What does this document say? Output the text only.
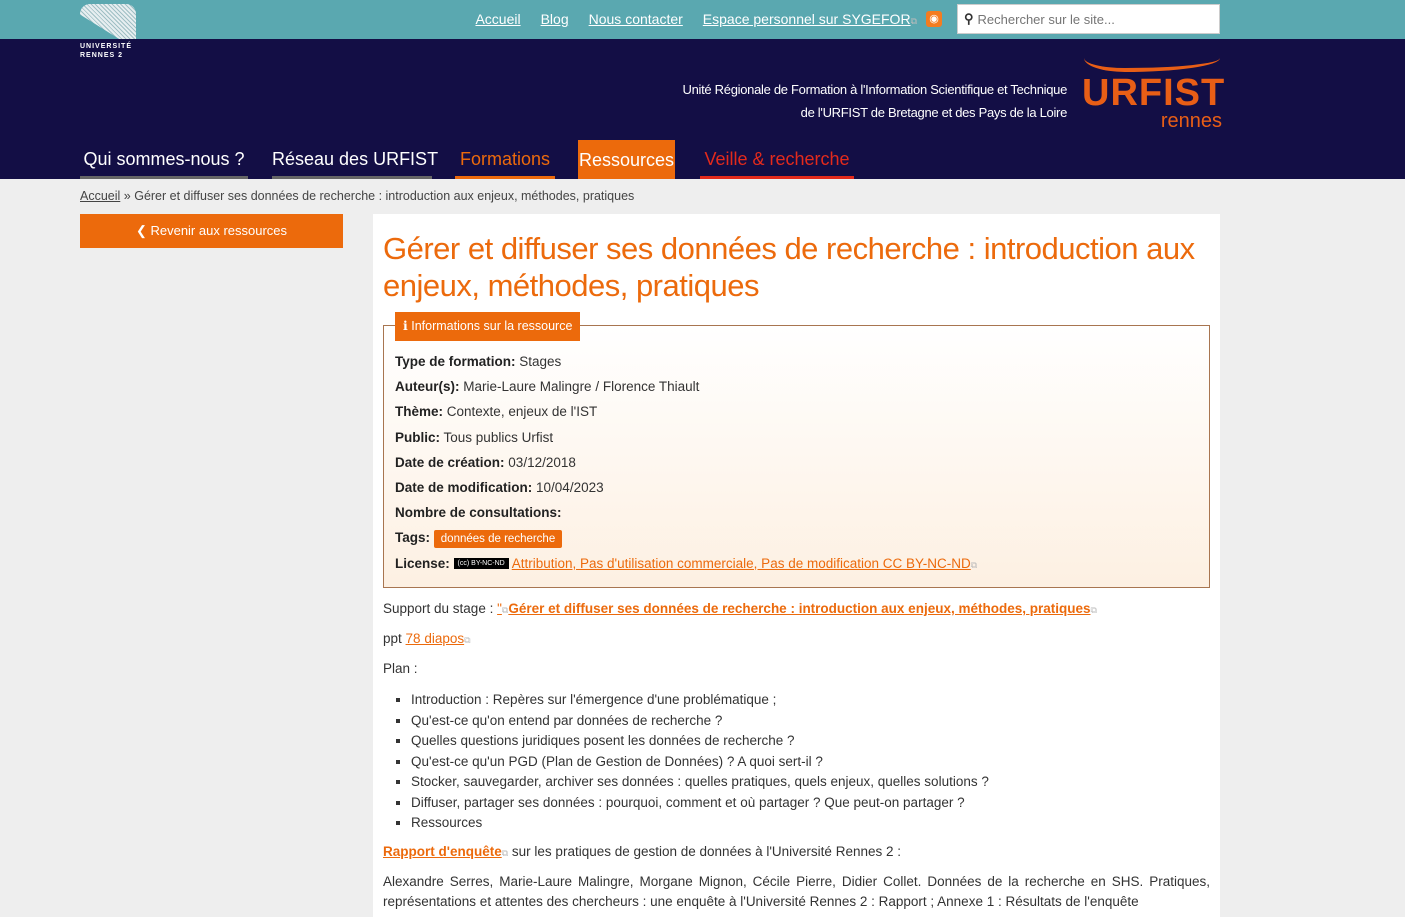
UNIVERSITÉ
RENNES 2
Accueil Blog Nous contacter Espace personnel sur SYGEFOR⧉ ◉ ⚲
Rechercher sur le site...
Unité Régionale de Formation à l'Information Scientifique et Technique
de l'URFIST de Bretagne et des Pays de la Loire URFIST
rennes
Qui sommes-nous ? Réseau des URFIST Formations Ressources Veille & recherche
Accueil » Gérer et diffuser ses données de recherche : introduction aux enjeux, méthodes, pratiques
❮ Revenir aux ressources
Gérer et diffuser ses données de recherche : introduction aux enjeux, méthodes, pratiques
ℹ Informations sur la ressource
Type de formation: Stages
Auteur(s): Marie-Laure Malingre / Florence Thiault
Thème: Contexte, enjeux de l'IST
Public: Tous publics Urfist
Date de création: 03/12/2018
Date de modification: 10/04/2023
Nombre de consultations:
Tags: données de recherche
License: (cc) BY-NC-ND Attribution, Pas d'utilisation commerciale, Pas de modification CC BY-NC-ND⧉
Support du stage : "⧉Gérer et diffuser ses données de recherche : introduction aux enjeux, méthodes, pratiques⧉
ppt 78 diapos⧉
Plan :
▪ Introduction : Repères sur l'émergence d'une problématique ;
▪ Qu'est-ce qu'on entend par données de recherche ?
▪ Quelles questions juridiques posent les données de recherche ?
▪ Qu'est-ce qu'un PGD (Plan de Gestion de Données) ? A quoi sert-il ?
▪ Stocker, sauvegarder, archiver ses données : quelles pratiques, quels enjeux, quelles solutions ?
▪ Diffuser, partager ses données : pourquoi, comment et où partager ? Que peut-on partager ?
▪ Ressources
Rapport d'enquête⧉ sur les pratiques de gestion de données à l'Université Rennes 2 :
Alexandre Serres, Marie-Laure Malingre, Morgane Mignon, Cécile Pierre, Didier Collet. Données de la recherche en SHS. Pratiques, représentations et attentes des chercheurs : une enquête à l'Université Rennes 2 : Rapport ; Annexe 1 : Résultats de l'enquête
